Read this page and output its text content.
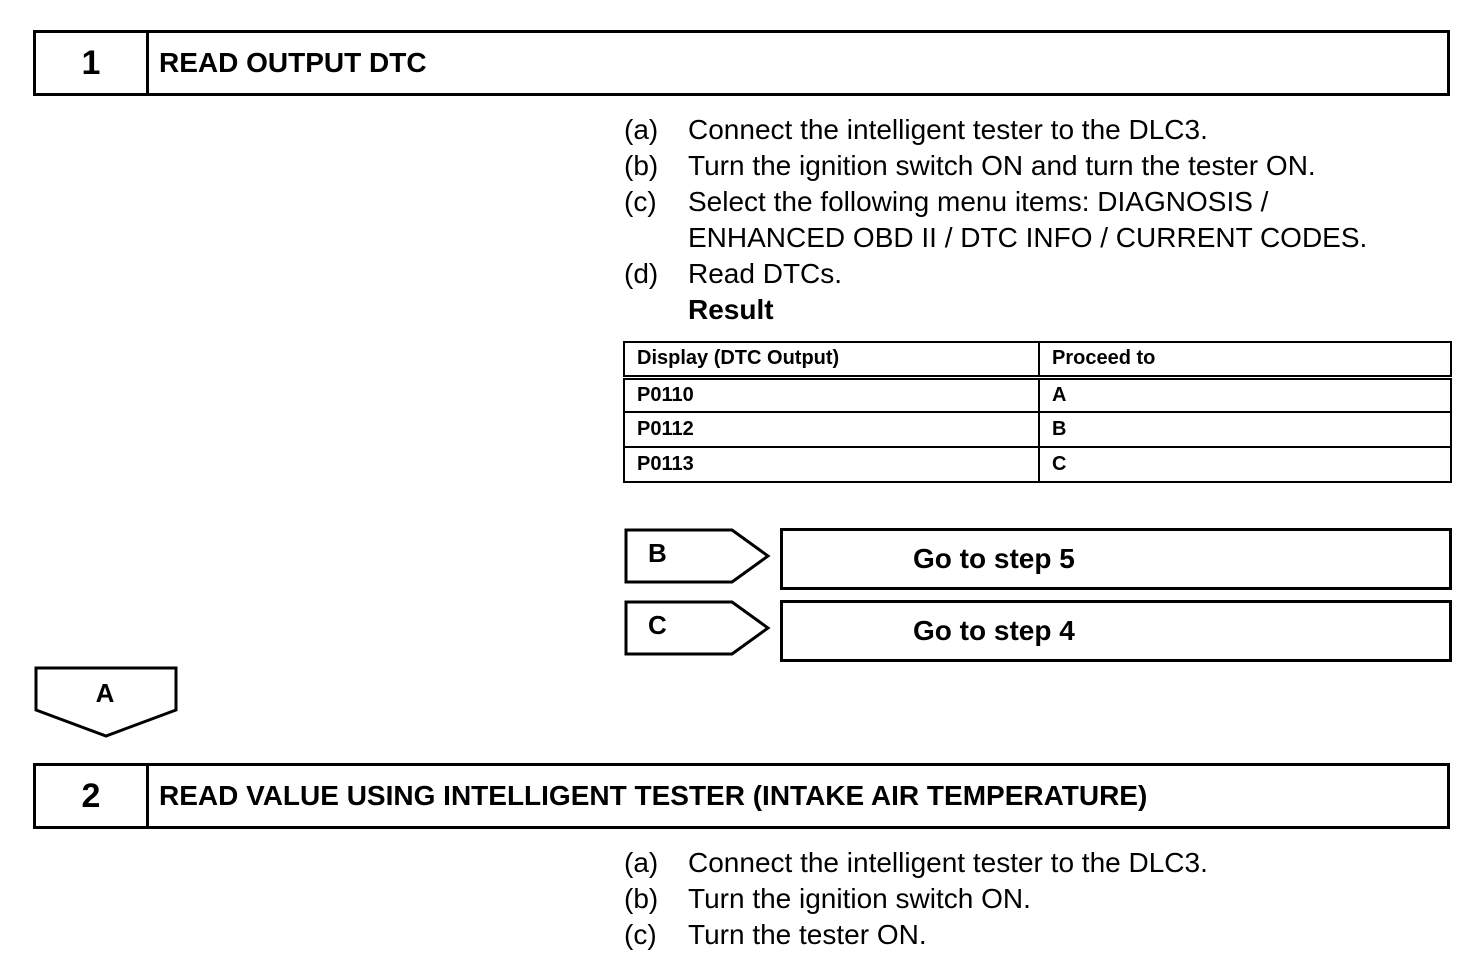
1	READ OUTPUT DTC
(a)	Connect the intelligent tester to the DLC3.
(b)	Turn the ignition switch ON and turn the tester ON.
(c)	Select the following menu items: DIAGNOSIS /
ENHANCED OBD II / DTC INFO / CURRENT CODES.
(d)	Read DTCs.
Result
Display (DTC Output)	Proceed to
P0110	A
P0112	B
P0113	C
B	Go to step 5
C	Go to step 4
A
2	READ VALUE USING INTELLIGENT TESTER (INTAKE AIR TEMPERATURE)
(a)	Connect the intelligent tester to the DLC3.
(b)	Turn the ignition switch ON.
(c)	Turn the tester ON.
